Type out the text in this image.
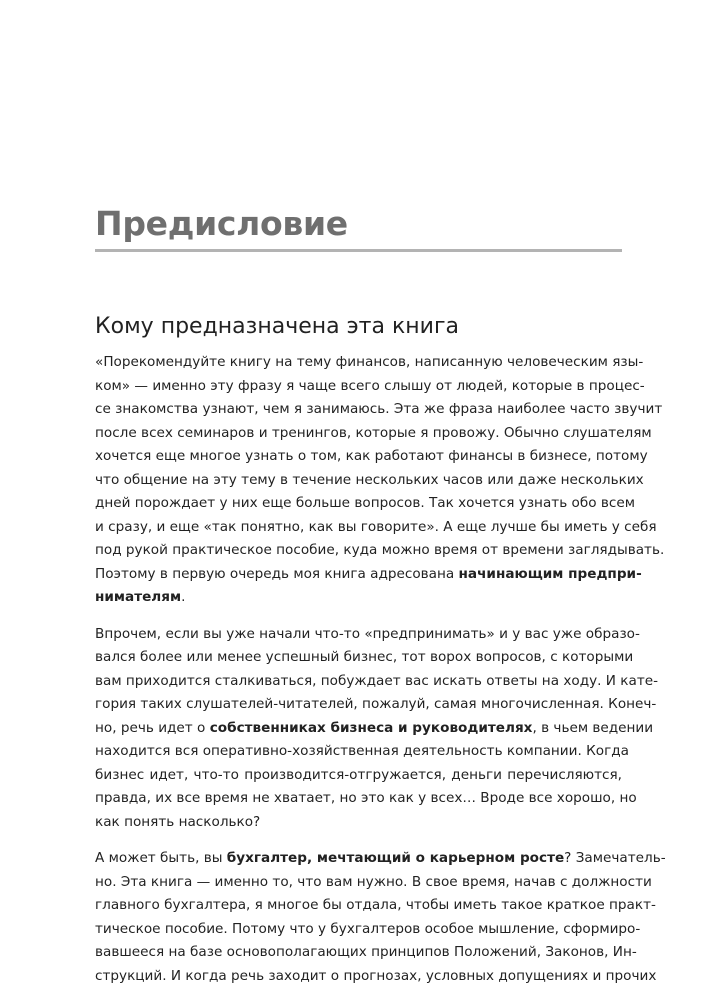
Предисловие
Кому предназначена эта книга

«Порекомендуйте книгу на тему финансов, написанную человеческим язы-
ком» — именно эту фразу я чаще всего слышу от людей, которые в процес-
се знакомства узнают, чем я занимаюсь. Эта же фраза наиболее часто звучит
после всех семинаров и тренингов, которые я провожу. Обычно слушателям
хочется еще многое узнать о том, как работают финансы в бизнесе, потому
что общение на эту тему в течение нескольких часов или даже нескольких
дней порождает у них еще больше вопросов. Так хочется узнать обо всем
и сразу, и еще «так понятно, как вы говорите». А еще лучше бы иметь у себя
под рукой практическое пособие, куда можно время от времени заглядывать.
Поэтому в первую очередь моя книга адресована начинающим предпри-
нимателям.

Впрочем, если вы уже начали что-то «предпринимать» и у вас уже образо-
вался более или менее успешный бизнес, тот ворох вопросов, с которыми
вам приходится сталкиваться, побуждает вас искать ответы на ходу. И кате-
гория таких слушателей-читателей, пожалуй, самая многочисленная. Конеч-
но, речь идет о собственниках бизнеса и руководителях, в чьем ведении
находится вся оперативно-хозяйственная деятельность компании. Когда
бизнес идет, что-то производится-отгружается, деньги перечисляются,
правда, их все время не хватает, но это как у всех… Вроде все хорошо, но
как понять насколько?

А может быть, вы бухгалтер, мечтающий о карьерном росте? Замечатель-
но. Эта книга — именно то, что вам нужно. В свое время, начав с должности
главного бухгалтера, я многое бы отдала, чтобы иметь такое краткое практ-
тическое пособие. Потому что у бухгалтеров особое мышление, сформиро-
вавшееся на базе основополагающих принципов Положений, Законов, Ин-
струкций. И когда речь заходит о прогнозах, условных допущениях и прочих
